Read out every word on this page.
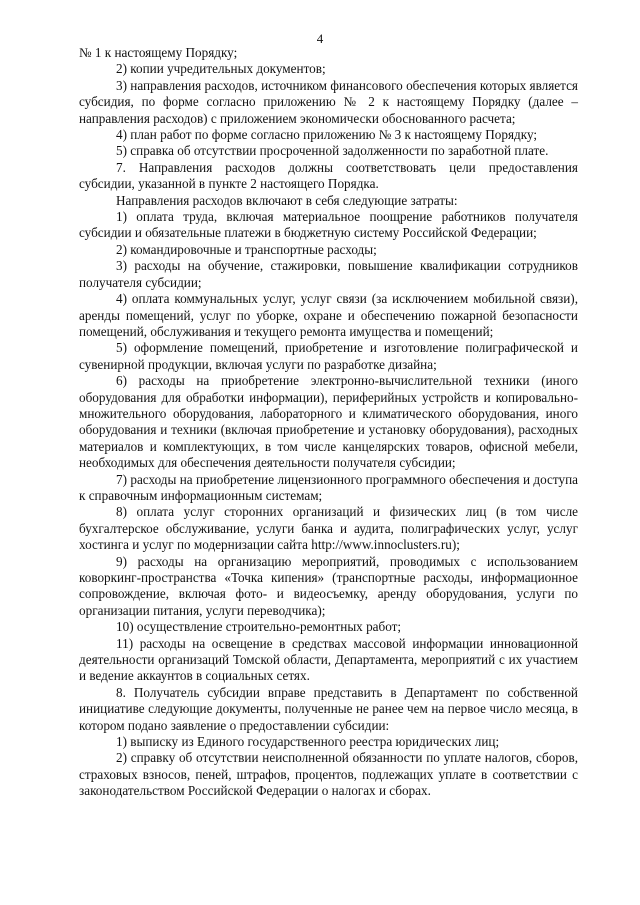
4

№ 1 к настоящему Порядку;

2) копии учредительных документов;

3) направления расходов, источником финансового обеспечения которых является субсидия, по форме согласно приложению № 2 к настоящему Порядку (далее – направления расходов) с приложением экономически обоснованного расчета;

4) план работ по форме согласно приложению № 3 к настоящему Порядку;

5) справка об отсутствии просроченной задолженности по заработной плате.

7. Направления расходов должны соответствовать цели предоставления субсидии, указанной в пункте 2 настоящего Порядка.

Направления расходов включают в себя следующие затраты:

1) оплата труда, включая материальное поощрение работников получателя субсидии и обязательные платежи в бюджетную систему Российской Федерации;

2) командировочные и транспортные расходы;

3) расходы на обучение, стажировки, повышение квалификации сотрудников получателя субсидии;

4) оплата коммунальных услуг, услуг связи (за исключением мобильной связи), аренды помещений, услуг по уборке, охране и обеспечению пожарной безопасности помещений, обслуживания и текущего ремонта имущества и помещений;

5) оформление помещений, приобретение и изготовление полиграфической и сувенирной продукции, включая услуги по разработке дизайна;

6) расходы на приобретение электронно-вычислительной техники (иного оборудования для обработки информации), периферийных устройств и копировально-множительного оборудования, лабораторного и климатического оборудования, иного оборудования и техники (включая приобретение и установку оборудования), расходных материалов и комплектующих, в том числе канцелярских товаров, офисной мебели, необходимых для обеспечения деятельности получателя субсидии;

7) расходы на приобретение лицензионного программного обеспечения и доступа к справочным информационным системам;

8) оплата услуг сторонних организаций и физических лиц (в том числе бухгалтерское обслуживание, услуги банка и аудита, полиграфических услуг, услуг хостинга и услуг по модернизации сайта http://www.innoclusters.ru);

9) расходы на организацию мероприятий, проводимых с использованием коворкинг-пространства «Точка кипения» (транспортные расходы, информационное сопровождение, включая фото- и видеосъемку, аренду оборудования, услуги по организации питания, услуги переводчика);

10) осуществление строительно-ремонтных работ;

11) расходы на освещение в средствах массовой информации инновационной деятельности организаций Томской области, Департамента, мероприятий с их участием и ведение аккаунтов в социальных сетях.

8. Получатель субсидии вправе представить в Департамент по собственной инициативе следующие документы, полученные не ранее чем на первое число месяца, в котором подано заявление о предоставлении субсидии:

1) выписку из Единого государственного реестра юридических лиц;

2) справку об отсутствии неисполненной обязанности по уплате налогов, сборов, страховых взносов, пеней, штрафов, процентов, подлежащих уплате в соответствии с законодательством Российской Федерации о налогах и сборах.
